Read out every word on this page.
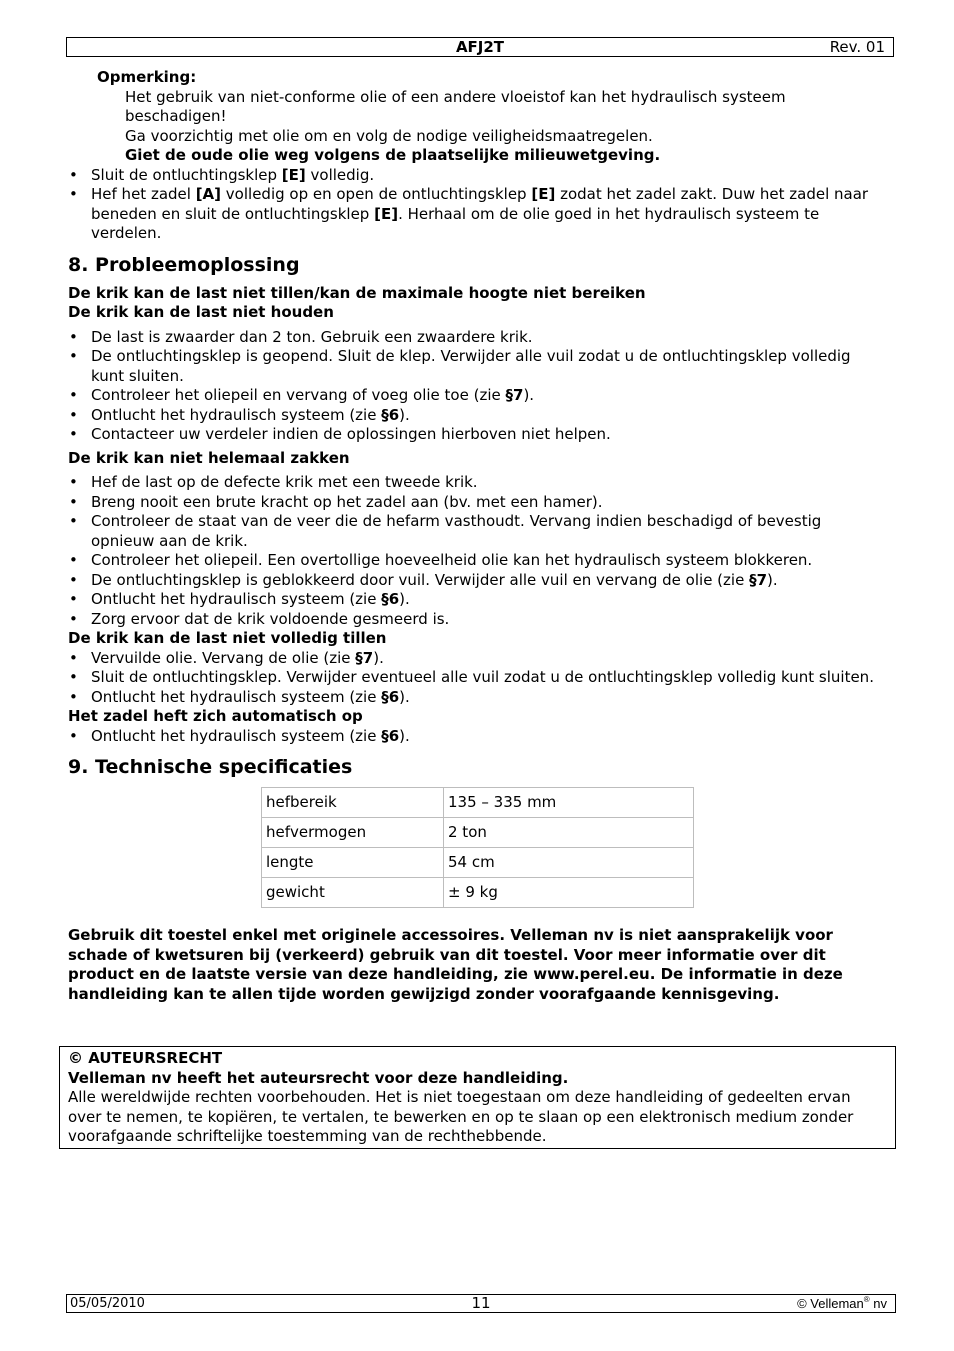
AFJ2T	Rev. 01

Opmerking:

Het gebruik van niet-conforme olie of een andere vloeistof kan het hydraulisch systeem beschadigen!

Ga voorzichtig met olie om en volg de nodige veiligheidsmaatregelen.

Giet de oude olie weg volgens de plaatselijke milieuwetgeving.

• Sluit de ontluchtingsklep [E] volledig.
• Hef het zadel [A] volledig op en open de ontluchtingsklep [E] zodat het zadel zakt. Duw het zadel naar beneden en sluit de ontluchtingsklep [E]. Herhaal om de olie goed in het hydraulisch systeem te verdelen.
8. Probleemoplossing

De krik kan de last niet tillen/kan de maximale hoogte niet bereiken

De krik kan de last niet houden

• De last is zwaarder dan 2 ton. Gebruik een zwaardere krik.
• De ontluchtingsklep is geopend. Sluit de klep. Verwijder alle vuil zodat u de ontluchtingsklep volledig kunt sluiten.
• Controleer het oliepeil en vervang of voeg olie toe (zie §7).
• Ontlucht het hydraulisch systeem (zie §6).
• Contacteer uw verdeler indien de oplossingen hierboven niet helpen.

De krik kan niet helemaal zakken

• Hef de last op de defecte krik met een tweede krik.
• Breng nooit een brute kracht op het zadel aan (bv. met een hamer).
• Controleer de staat van de veer die de hefarm vasthoudt. Vervang indien beschadigd of bevestig opnieuw aan de krik.
• Controleer het oliepeil. Een overtollige hoeveelheid olie kan het hydraulisch systeem blokkeren.
• De ontluchtingsklep is geblokkeerd door vuil. Verwijder alle vuil en vervang de olie (zie §7).
• Ontlucht het hydraulisch systeem (zie §6).
• Zorg ervoor dat de krik voldoende gesmeerd is.

De krik kan de last niet volledig tillen

• Vervuilde olie. Vervang de olie (zie §7).
• Sluit de ontluchtingsklep. Verwijder eventueel alle vuil zodat u de ontluchtingsklep volledig kunt sluiten.
• Ontlucht het hydraulisch systeem (zie §6).

Het zadel heft zich automatisch op

• Ontlucht het hydraulisch systeem (zie §6).
9. Technische specificaties
hefbereik	135 – 335 mm
hefvermogen	2 ton
lengte	54 cm
gewicht	± 9 kg

Gebruik dit toestel enkel met originele accessoires. Velleman nv is niet aansprakelijk voor schade of kwetsuren bij (verkeerd) gebruik van dit toestel. Voor meer informatie over dit product en de laatste versie van deze handleiding, zie www.perel.eu. De informatie in deze handleiding kan te allen tijde worden gewijzigd zonder voorafgaande kennisgeving.

© AUTEURSRECHT

Velleman nv heeft het auteursrecht voor deze handleiding.

Alle wereldwijde rechten voorbehouden. Het is niet toegestaan om deze handleiding of gedeelten ervan over te nemen, te kopiëren, te vertalen, te bewerken en op te slaan op een elektronisch medium zonder voorafgaande schriftelijke toestemming van de rechthebbende.

05/05/2010	11	© Velleman® nv
